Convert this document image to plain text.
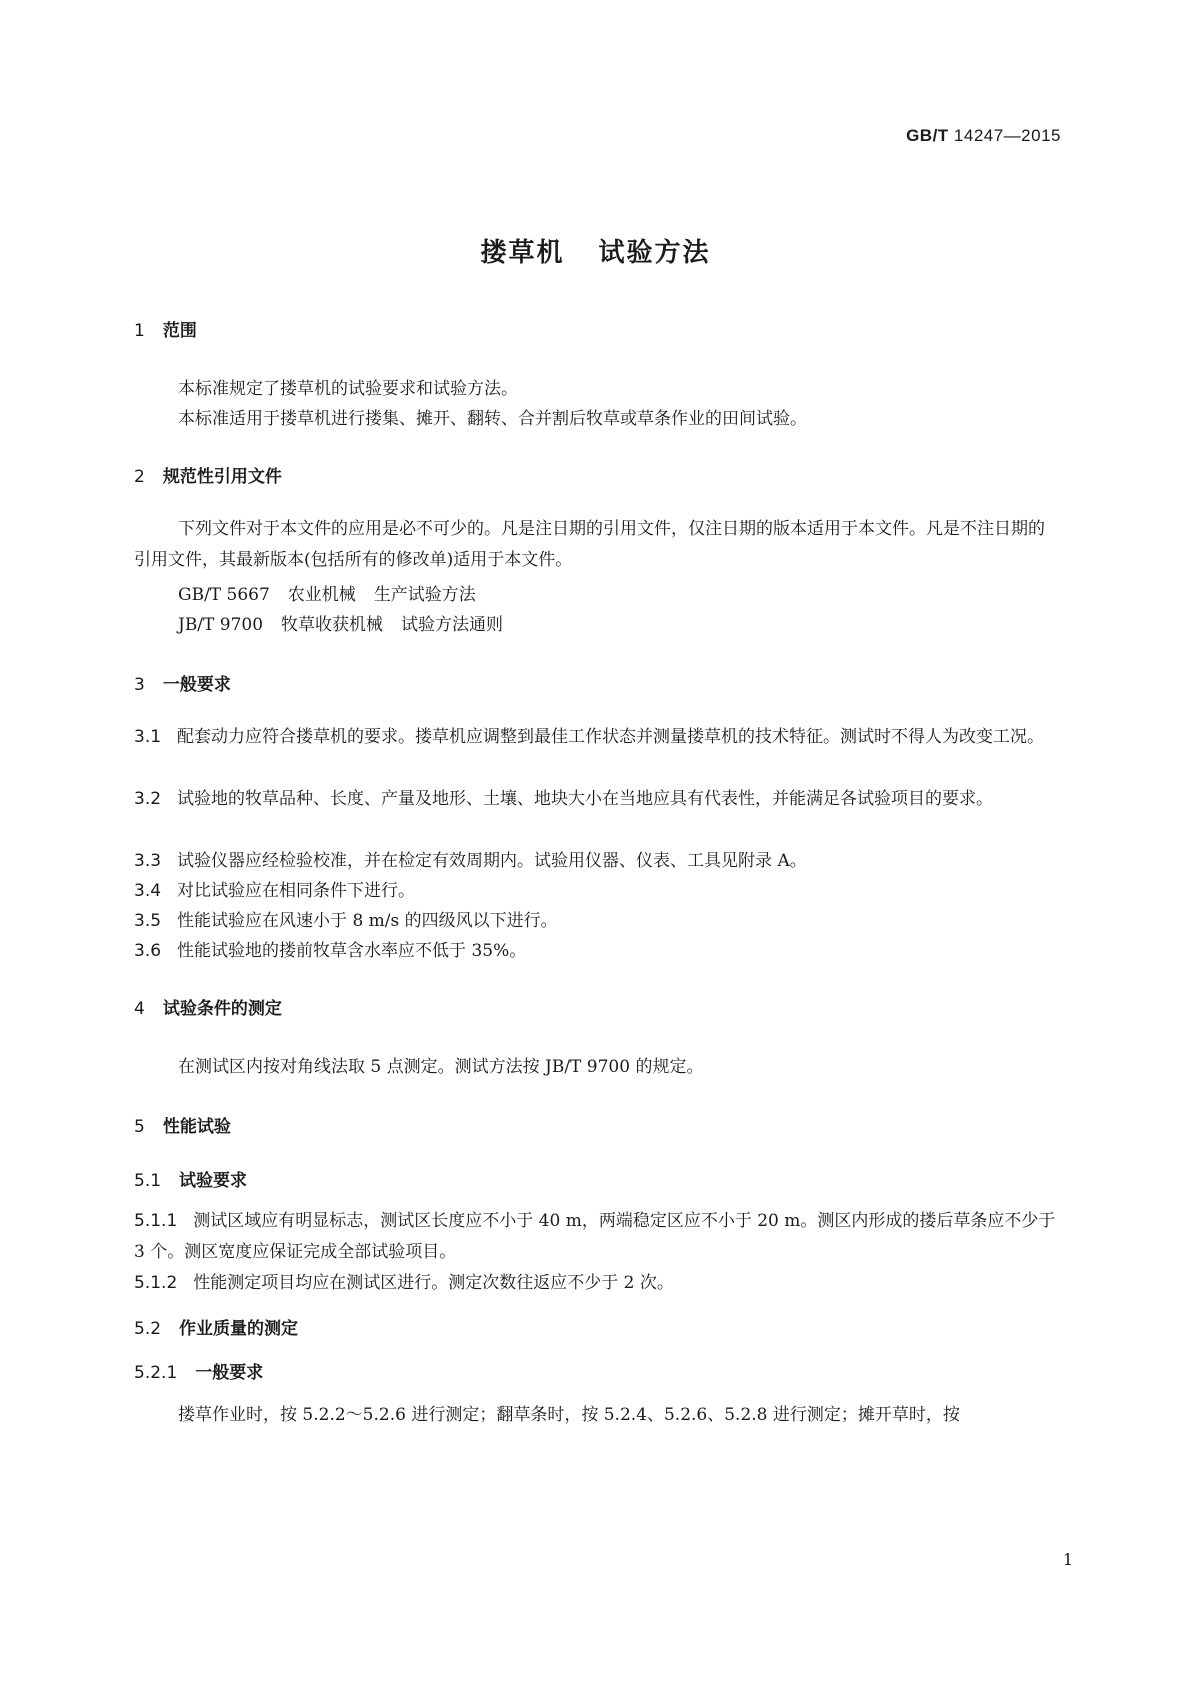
GB/T 14247—2015
搂草机 试验方法
1 范围
本标准规定了搂草机的试验要求和试验方法。
本标准适用于搂草机进行搂集、摊开、翻转、合并割后牧草或草条作业的田间试验。
2 规范性引用文件
下列文件对于本文件的应用是必不可少的。凡是注日期的引用文件，仅注日期的版本适用于本文件。凡是不注日期的引用文件，其最新版本(包括所有的修改单)适用于本文件。
GB/T 5667 农业机械 生产试验方法
JB/T 9700 牧草收获机械 试验方法通则
3 一般要求
3.1 配套动力应符合搂草机的要求。搂草机应调整到最佳工作状态并测量搂草机的技术特征。测试时不得人为改变工况。
3.2 试验地的牧草品种、长度、产量及地形、土壤、地块大小在当地应具有代表性，并能满足各试验项目的要求。
3.3 试验仪器应经检验校准，并在检定有效周期内。试验用仪器、仪表、工具见附录 A。
3.4 对比试验应在相同条件下进行。
3.5 性能试验应在风速小于 8 m/s 的四级风以下进行。
3.6 性能试验地的搂前牧草含水率应不低于 35%。
4 试验条件的测定
在测试区内按对角线法取 5 点测定。测试方法按 JB/T 9700 的规定。
5 性能试验
5.1 试验要求
5.1.1 测试区域应有明显标志，测试区长度应不小于 40 m，两端稳定区应不小于 20 m。测区内形成的搂后草条应不少于 3 个。测区宽度应保证完成全部试验项目。
5.1.2 性能测定项目均应在测试区进行。测定次数往返应不少于 2 次。
5.2 作业质量的测定
5.2.1 一般要求
搂草作业时，按 5.2.2～5.2.6 进行测定；翻草条时，按 5.2.4、5.2.6、5.2.8 进行测定；摊开草时，按
1
